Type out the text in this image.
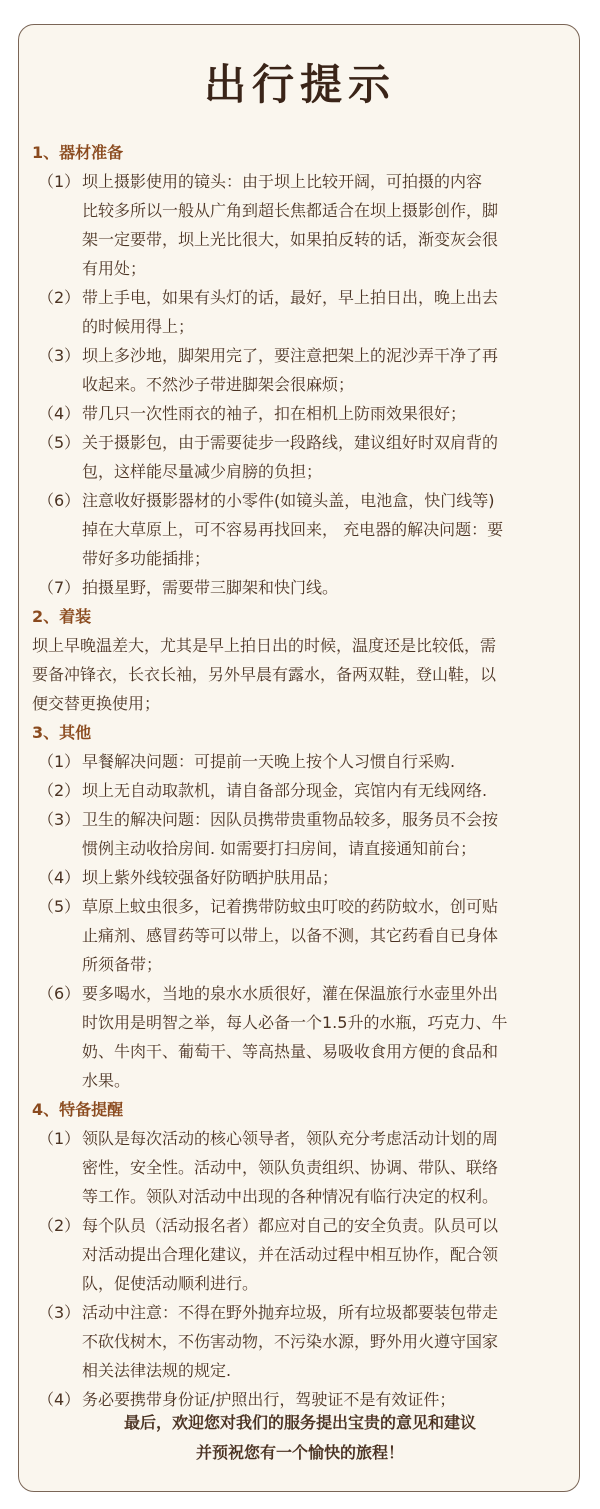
出行提示
1、器材准备
（1） 坝上摄影使用的镜头：由于坝上比较开阔，可拍摄的内容
比较多所以一般从广角到超长焦都适合在坝上摄影创作，脚
架一定要带，坝上光比很大，如果拍反转的话，渐变灰会很
有用处；
（2） 带上手电，如果有头灯的话，最好，早上拍日出，晚上出去
的时候用得上；
（3） 坝上多沙地，脚架用完了，要注意把架上的泥沙弄干净了再
收起来。不然沙子带进脚架会很麻烦；
（4） 带几只一次性雨衣的袖子，扣在相机上防雨效果很好；
（5） 关于摄影包，由于需要徒步一段路线，建议组好时双肩背的
包，这样能尽量减少肩膀的负担；
（6） 注意收好摄影器材的小零件(如镜头盖，电池盒，快门线等)
掉在大草原上，可不容易再找回来， 充电器的解决问题：要
带好多功能插排；
（7） 拍摄星野，需要带三脚架和快门线。
2、着装
坝上早晚温差大，尤其是早上拍日出的时候，温度还是比较低，需
要备冲锋衣，长衣长袖，另外早晨有露水，备两双鞋，登山鞋，以
便交替更换使用；
3、其他
（1） 早餐解决问题：可提前一天晚上按个人习惯自行采购.
（2） 坝上无自动取款机，请自备部分现金，宾馆内有无线网络.
（3） 卫生的解决问题：因队员携带贵重物品较多，服务员不会按
惯例主动收拾房间. 如需要打扫房间，请直接通知前台；
（4） 坝上紫外线较强备好防晒护肤用品；
（5） 草原上蚊虫很多，记着携带防蚊虫叮咬的药防蚊水，创可贴
止痛剂、感冒药等可以带上，以备不测，其它药看自已身体
所须备带；
（6） 要多喝水，当地的泉水水质很好，灌在保温旅行水壶里外出
时饮用是明智之举，每人必备一个1.5升的水瓶，巧克力、牛
奶、牛肉干、葡萄干、等高热量、易吸收食用方便的食品和
水果。
4、特备提醒
（1） 领队是每次活动的核心领导者，领队充分考虑活动计划的周
密性，安全性。活动中，领队负责组织、协调、带队、联络
等工作。领队对活动中出现的各种情况有临行决定的权利。
（2） 每个队员（活动报名者）都应对自己的安全负责。队员可以
对活动提出合理化建议，并在活动过程中相互协作，配合领
队，促使活动顺利进行。
（3） 活动中注意：不得在野外抛弃垃圾，所有垃圾都要装包带走
不砍伐树木，不伤害动物，不污染水源，野外用火遵守国家
相关法律法规的规定.
（4） 务必要携带身份证/护照出行，驾驶证不是有效证件；
最后，欢迎您对我们的服务提出宝贵的意见和建议
并预祝您有一个愉快的旅程！
